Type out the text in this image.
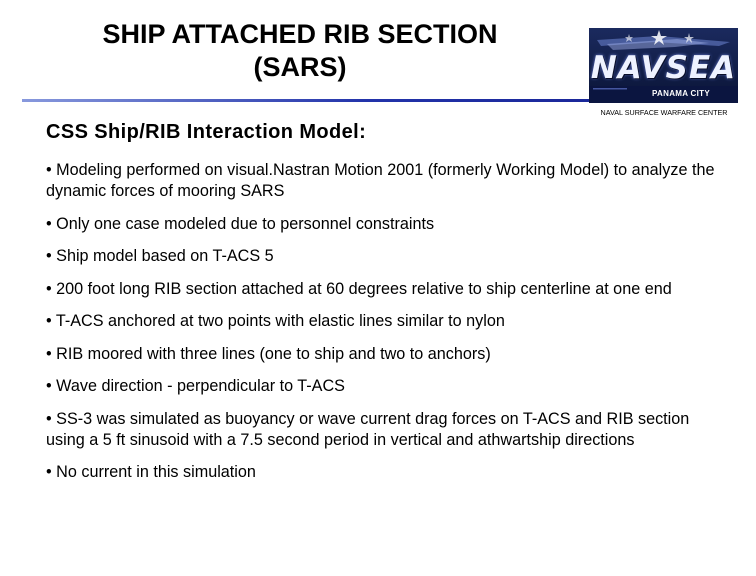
SHIP ATTACHED RIB SECTION
(SARS)	NAVSEA
PANAMA CITY
NAVAL SURFACE WARFARE CENTER
CSS Ship/RIB Interaction Model:
• Modeling performed on visual.Nastran Motion 2001 (formerly Working Model) to analyze the dynamic forces of mooring SARS
• Only one case modeled due to personnel constraints
• Ship model based on T-ACS 5
• 200 foot long RIB section attached at 60 degrees relative to ship centerline at one end
• T-ACS anchored at two points with elastic lines similar to nylon
• RIB moored with three lines (one to ship and two to anchors)
• Wave direction - perpendicular to T-ACS
• SS-3 was simulated as buoyancy or wave current drag forces on T-ACS and RIB section using a 5 ft sinusoid with a 7.5 second period in vertical and athwartship directions
• No current in this simulation
